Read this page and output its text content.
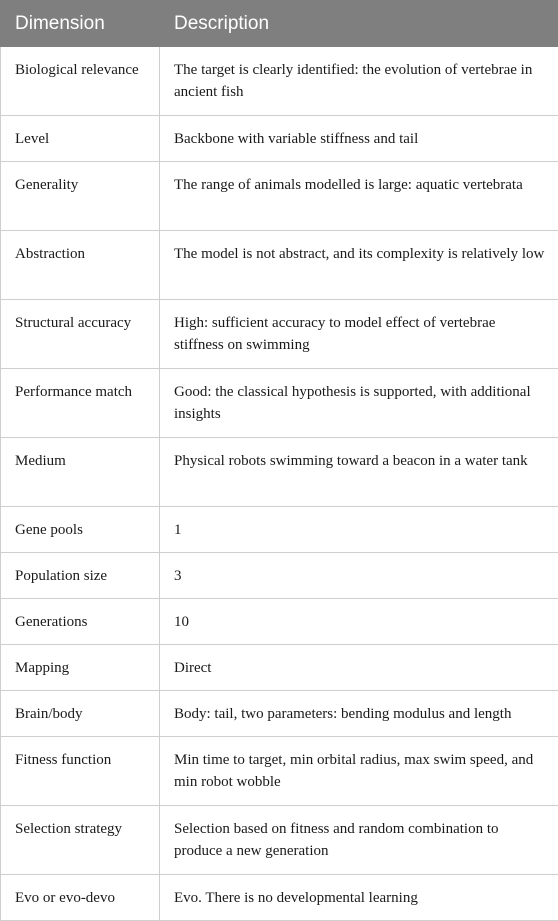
Dimension	Description
Biological relevance	The target is clearly identified: the evolution of vertebrae in ancient fish
Level	Backbone with variable stiffness and tail
Generality	The range of animals modelled is large: aquatic vertebrata
Abstraction	The model is not abstract, and its complexity is relatively low
Structural accuracy	High: sufficient accuracy to model effect of vertebrae stiffness on swimming
Performance match	Good: the classical hypothesis is supported, with additional insights
Medium	Physical robots swimming toward a beacon in a water tank
Gene pools	1
Population size	3
Generations	10
Mapping	Direct
Brain/body	Body: tail, two parameters: bending modulus and length
Fitness function	Min time to target, min orbital radius, max swim speed, and min robot wobble
Selection strategy	Selection based on fitness and random combination to produce a new generation
Evo or evo-devo	Evo. There is no developmental learning
